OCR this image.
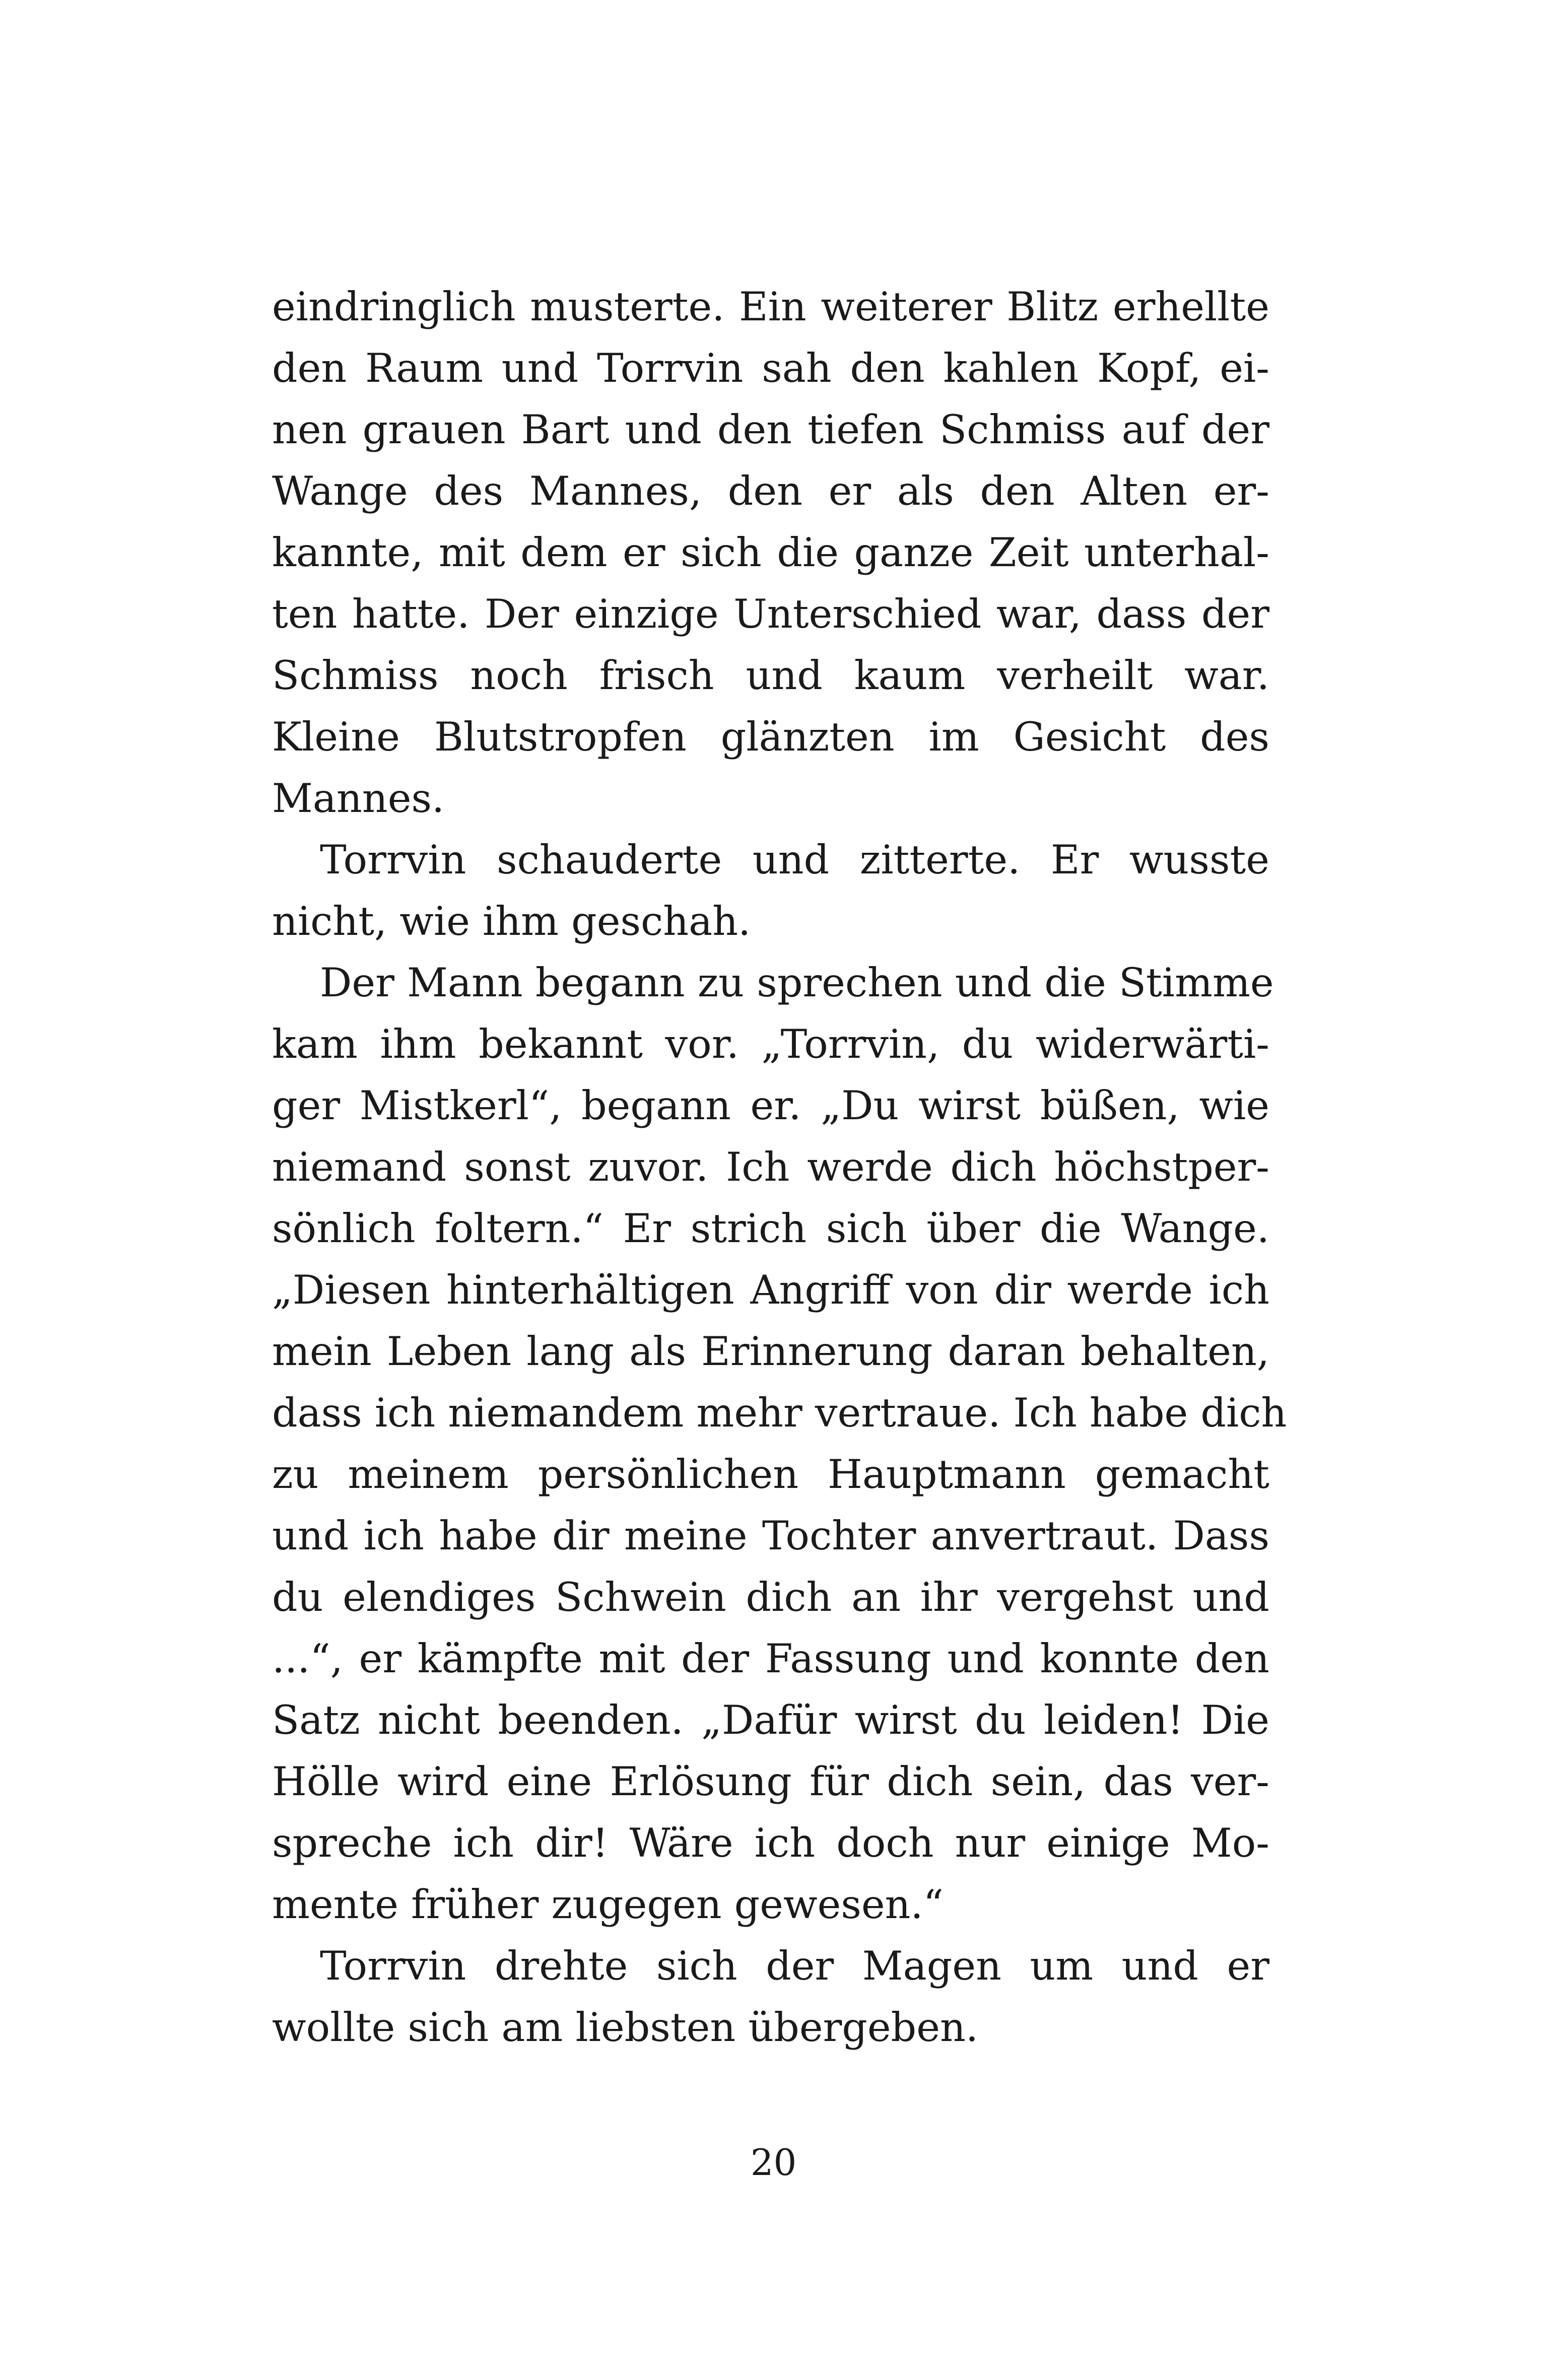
eindringlich musterte. Ein weiterer Blitz erhellte
den Raum und Torrvin sah den kahlen Kopf, ei-
nen grauen Bart und den tiefen Schmiss auf der
Wange des Mannes, den er als den Alten er-
kannte, mit dem er sich die ganze Zeit unterhal-
ten hatte. Der einzige Unterschied war, dass der
Schmiss noch frisch und kaum verheilt war.
Kleine Blutstropfen glänzten im Gesicht des
Mannes.
Torrvin schauderte und zitterte. Er wusste
nicht, wie ihm geschah.
Der Mann begann zu sprechen und die Stimme
kam ihm bekannt vor. „Torrvin, du widerwärti-
ger Mistkerl“, begann er. „Du wirst büßen, wie
niemand sonst zuvor. Ich werde dich höchstper-
sönlich foltern.“ Er strich sich über die Wange.
„Diesen hinterhältigen Angriff von dir werde ich
mein Leben lang als Erinnerung daran behalten,
dass ich niemandem mehr vertraue. Ich habe dich
zu meinem persönlichen Hauptmann gemacht
und ich habe dir meine Tochter anvertraut. Dass
du elendiges Schwein dich an ihr vergehst und
...“, er kämpfte mit der Fassung und konnte den
Satz nicht beenden. „Dafür wirst du leiden! Die
Hölle wird eine Erlösung für dich sein, das ver-
spreche ich dir! Wäre ich doch nur einige Mo-
mente früher zugegen gewesen.“
Torrvin drehte sich der Magen um und er
wollte sich am liebsten übergeben.
20
